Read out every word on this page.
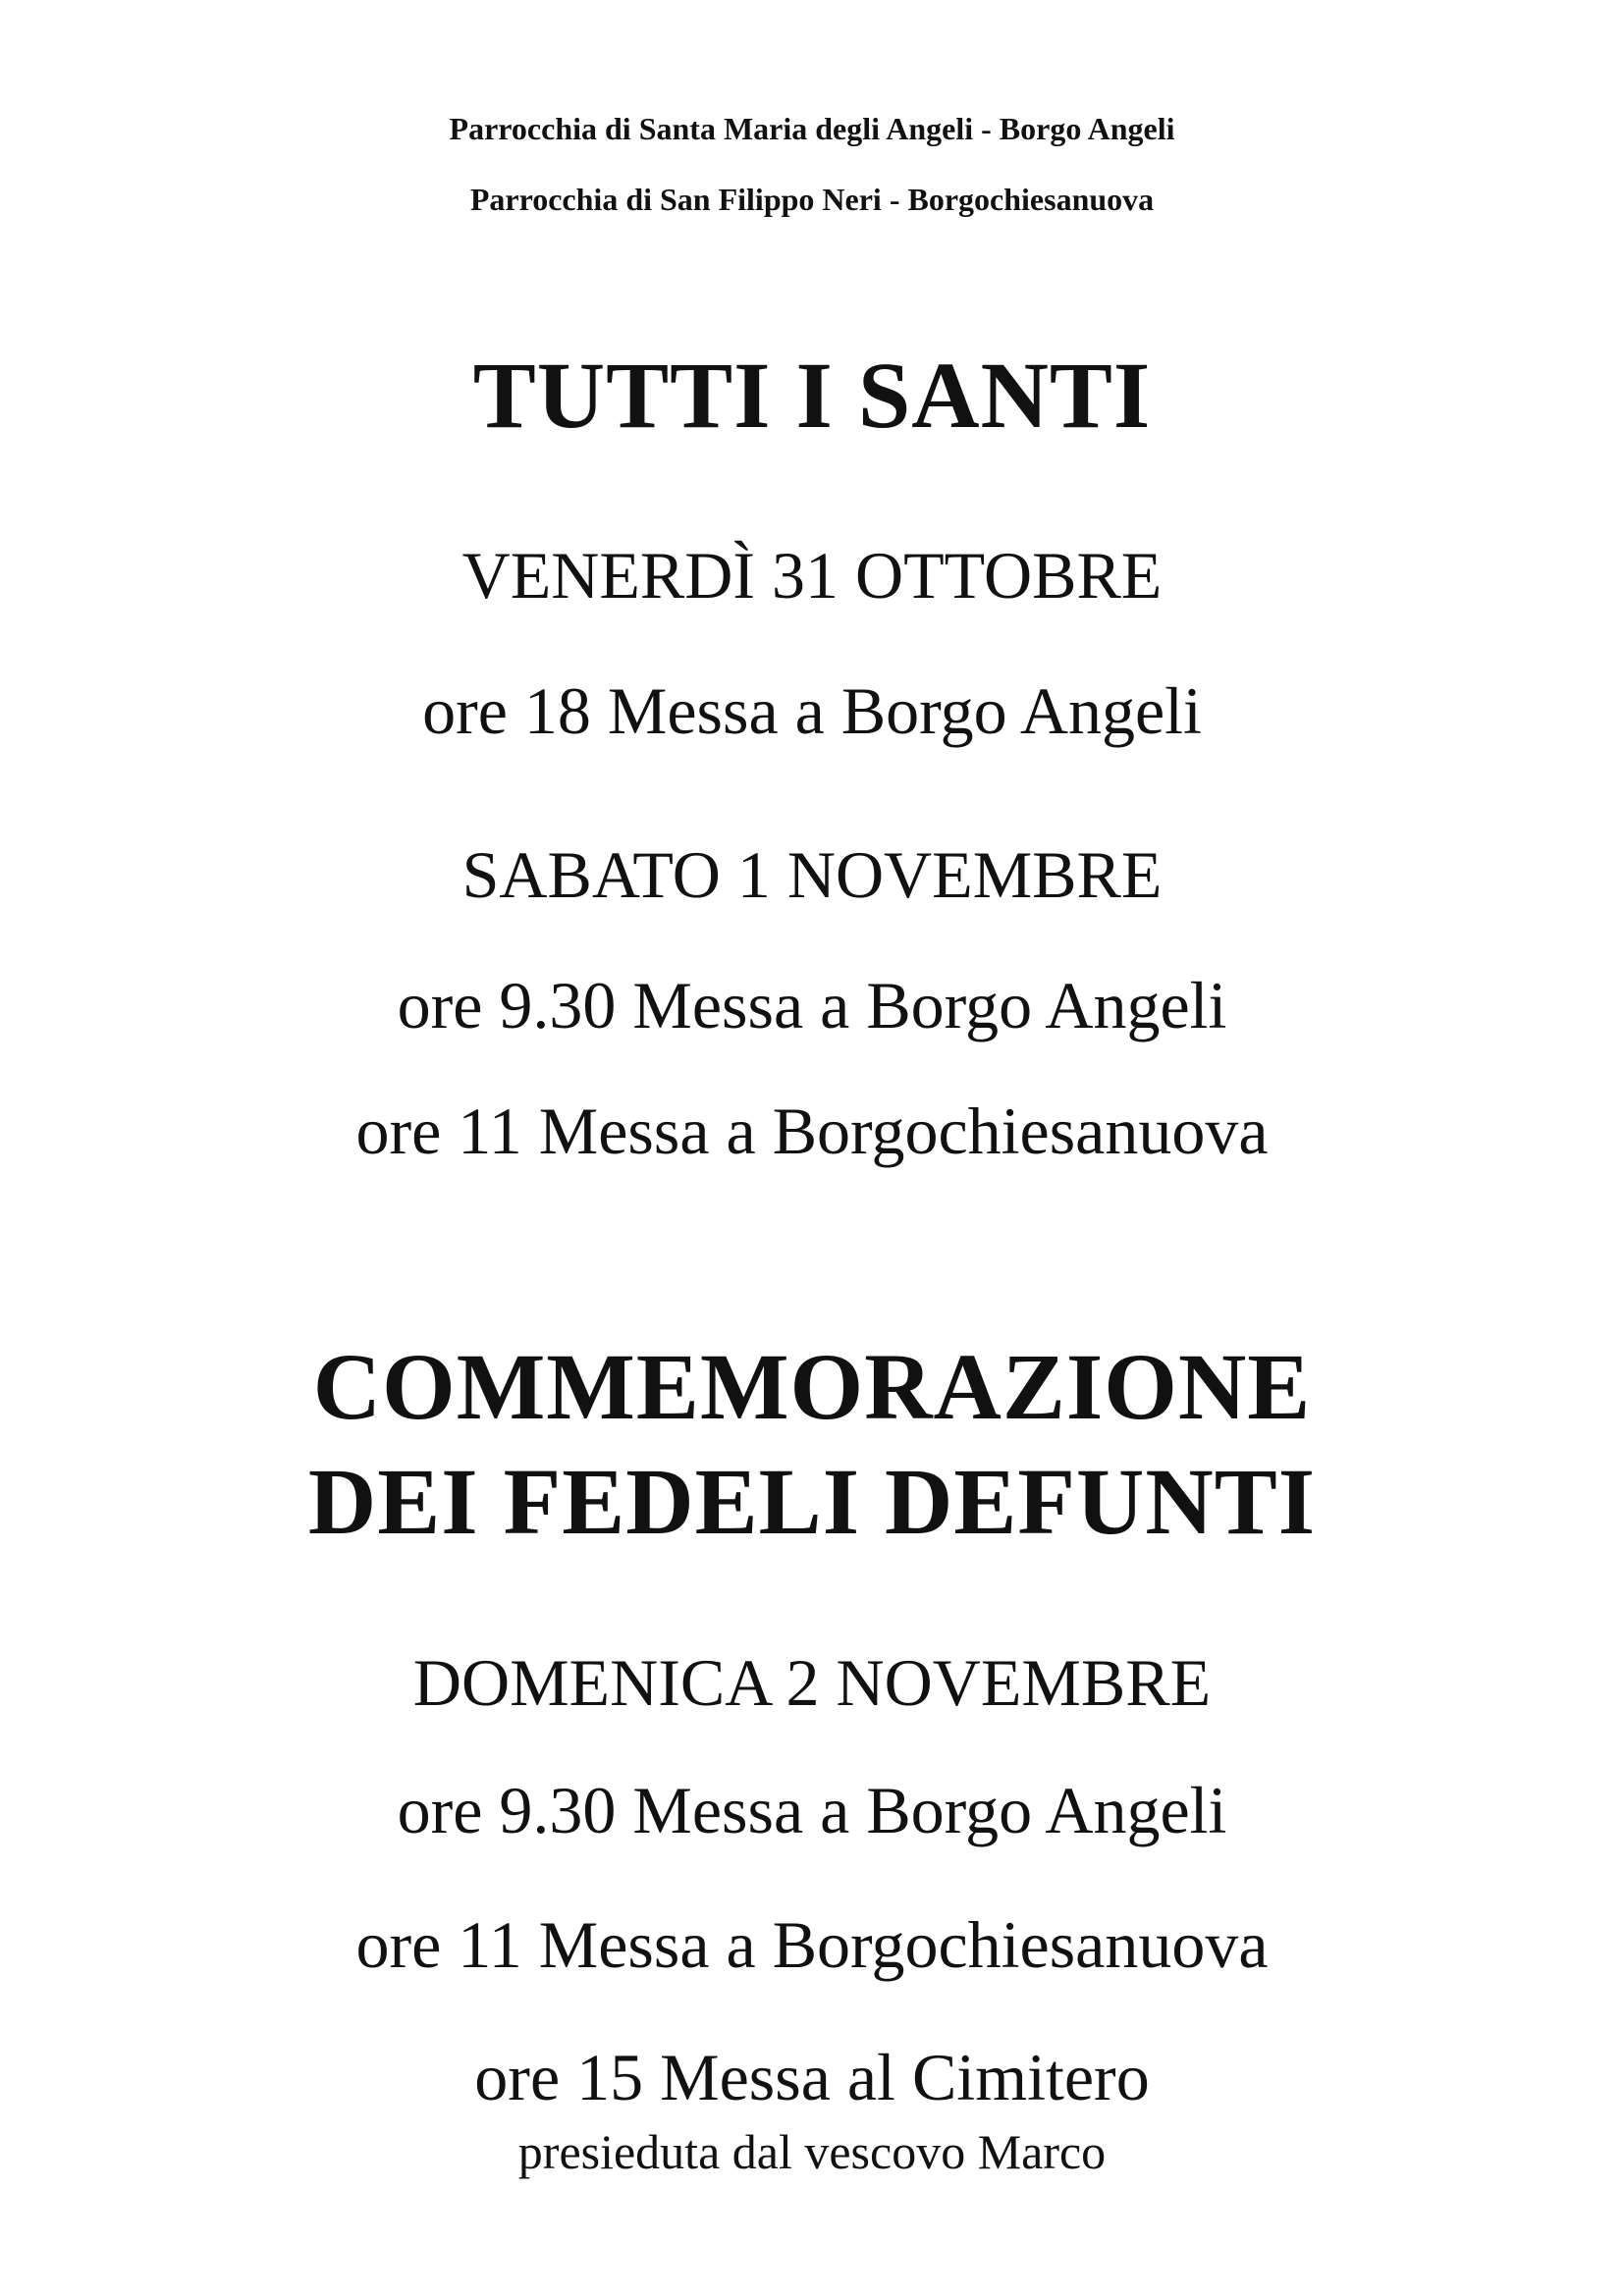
Parrocchia di Santa Maria degli Angeli - Borgo Angeli
Parrocchia di San Filippo Neri - Borgochiesanuova
TUTTI I SANTI
VENERDÌ 31 OTTOBRE
ore 18 Messa a Borgo Angeli
SABATO 1 NOVEMBRE
ore 9.30 Messa a Borgo Angeli
ore 11 Messa a Borgochiesanuova
COMMEMORAZIONE
DEI FEDELI DEFUNTI
DOMENICA 2 NOVEMBRE
ore 9.30 Messa a Borgo Angeli
ore 11 Messa a Borgochiesanuova
ore 15 Messa al Cimitero
presieduta dal vescovo Marco
